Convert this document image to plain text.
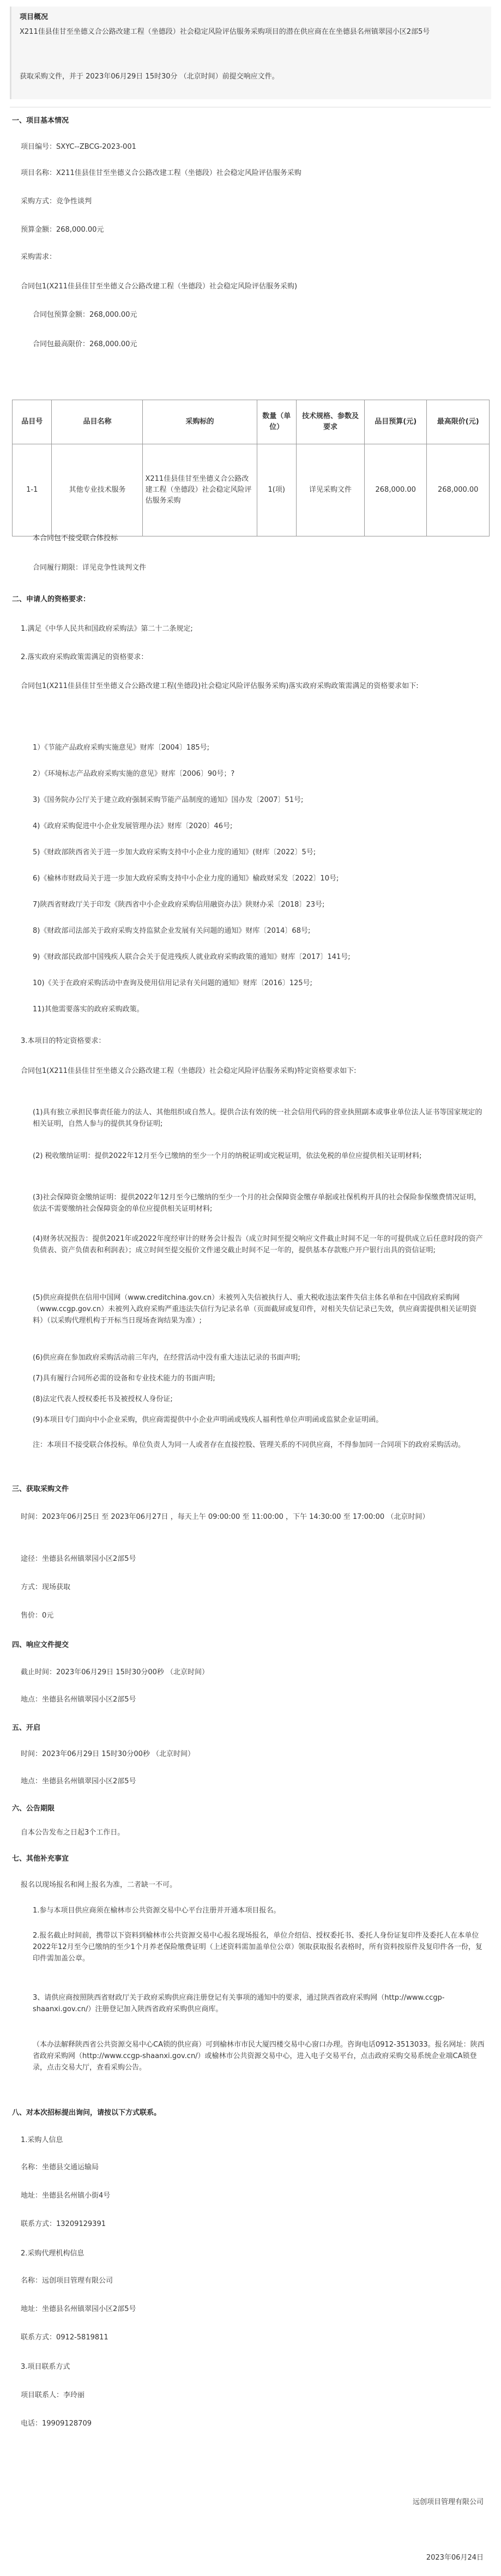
项目概况
X211佳县佳甘至坐德义合公路改建工程（坐德段）社会稳定风险评估服务采购项目的潜在供应商在在坐德县名州镇翠园小区2部5号
获取采购文件，并于 2023年06月29日 15时30分 （北京时间）前提交响应文件。
一、项目基本情况
项目编号：SXYC--ZBCG-2023-001
项目名称：X211佳县佳甘至坐德义合公路改建工程（坐德段）社会稳定风险评估服务采购
采购方式：竞争性谈判
预算金额：268,000.00元
采购需求：
合同包1(X211佳县佳甘至坐德义合公路改建工程（坐德段）社会稳定风险评估服务采购)
合同包预算金额：268,000.00元
合同包最高限价：268,000.00元
品目号	品目名称	采购标的	数量（单位）	技术规格、参数及要求	品目预算(元)	最高限价(元)
1-1	其他专业技术服务	X211佳县佳甘至坐德义合公路改建工程（坐德段）社会稳定风险评估服务采购	1(项)	详见采购文件	268,000.00	268,000.00
本合同包不接受联合体投标
合同履行期限：详见竞争性谈判文件
二、申请人的资格要求：
1.满足《中华人民共和国政府采购法》第二十二条规定;
2.落实政府采购政策需满足的资格要求：
合同包1(X211佳县佳甘至坐德义合公路改建工程(坐德段)社会稳定风险评估服务采购)落实政府采购政策需满足的资格要求如下:
1）《节能产品政府采购实施意见》财库〔2004〕185号;
2）《环境标志产品政府采购实施的意见》财库〔2006〕90号；?
3)《国务院办公厅关于建立政府强制采购节能产品制度的通知》国办发〔2007〕51号;
4)《政府采购促进中小企业发展管理办法》财库〔2020〕46号;
5)《财政部陕西省关于进一步加大政府采购支持中小企业力度的通知》(财库〔2022〕5号;
6)《榆林市财政局关于进一步加大政府采购支持中小企业力度的通知》榆政财采发〔2022〕10号;
7)陕西省财政厅关于印发《陕西省中小企业政府采购信用融资办法》陕财办采〔2018〕23号;
8)《财政部司法部关于政府采购支持监狱企业发展有关问题的通知》财库〔2014〕68号;
9)《财政部民政部中国残疾人联合会关于促进残疾人就业政府采购政策的通知》财库〔2017〕141号;
10)《关于在政府采购活动中查询及使用信用记录有关问题的通知》财库〔2016〕125号;
11)其他需要落实的政府采购政策。
3.本项目的特定资格要求：
合同包1(X211佳县佳甘至坐德义合公路改建工程（坐德段）社会稳定风险评估服务采购)特定资格要求如下:
(1)具有独立承担民事责任能力的法人、其他组织或自然人。提供合法有效的统一社会信用代码的营业执照副本或事业单位法人证书等国家规定的相关证明，自然人参与的提供其身份证明;
(2) 税收缴纳证明：提供2022年12月至今已缴纳的至少一个月的纳税证明或完税证明，依法免税的单位应提供相关证明材料;
(3)社会保障资金缴纳证明：提供2022年12月至今已缴纳的至少一个月的社会保障资金缴存单据或社保机构开具的社会保险参保缴费情况证明，依法不需要缴纳社会保障资金的单位应提供相关证明材料;
(4)财务状况报告：提供2021年或2022年度经审计的财务会计报告（成立时间至提交响应文件截止时间不足一年的可提供成立后任意时段的资产负债表、资产负债表和利润表）；成立时间至提交报价文件递交截止时间不足一年的，提供基本存款账户开户银行出具的资信证明;
(5)供应商提供在信用中国网（www.creditchina.gov.cn）未被列入失信被执行人、重大税收违法案件失信主体名单和在中国政府采购网（www.ccgp.gov.cn）未被列入政府采购严重违法失信行为记录名单（页面截屏或复印件，对相关失信记录已失效，供应商需提供相关证明资料）（以采购代理机构于开标当日现场查询结果为准）;
(6)供应商在参加政府采购活动前三年内，在经营活动中没有重大违法记录的书面声明;
(7)具有履行合同所必需的设备和专业技术能力的书面声明;
(8)法定代表人授权委托书及被授权人身份证;
(9)本项目专门面向中小企业采购，供应商需提供中小企业声明函或残疾人福利性单位声明函或监狱企业证明函。
注：本项目不接受联合体投标。单位负责人为同一人或者存在直接控股、管理关系的不同供应商，不得参加同一合同项下的政府采购活动。
三、获取采购文件
时间：2023年06月25日 至 2023年06月27日 ，每天上午 09:00:00 至 11:00:00 ，下午 14:30:00 至 17:00:00 （北京时间）
途径：坐德县名州镇翠园小区2部5号
方式：现场获取
售价：0元
四、响应文件提交
截止时间：2023年06月29日 15时30分00秒 （北京时间）
地点：坐德县名州镇翠园小区2部5号
五、开启
时间：2023年06月29日 15时30分00秒 （北京时间）
地点：坐德县名州镇翠园小区2部5号
六、公告期限
自本公告发布之日起3个工作日。
七、其他补充事宜
报名以现场报名和网上报名为准，二者缺一不可。
1.参与本项目供应商须在榆林市公共资源交易中心平台注册并开通本项目报名。
2.报名截止时间前，携带以下资料到榆林市公共资源交易中心报名现场报名，单位介绍信、授权委托书、委托人身份证复印件及委托人在本单位2022年12月至今已缴纳的至少1个月养老保险缴费证明（上述资料需加盖单位公章）领取获取报名表格时，所有资料按原件及复印件各一份，复印件需加盖公章。
3、请供应商按照陕西省财政厅关于政府采购供应商注册登记有关事项的通知中的要求，通过陕西省政府采购网（http://www.ccgp-shaanxi.gov.cn/）注册登记加入陕西省政府采购供应商库。
（本办法解释陕西省公共资源交易中心CA锁的供应商）可到榆林市市民大厦四楼交易中心窗口办理。咨询电话0912-3513033。报名网址：陕西省政府采购网（http://www.ccgp-shaanxi.gov.cn/）或榆林市公共资源交易中心，进入电子交易平台，点击政府采购交易系统企业端CA锁登录，点击交易大厅，查看采购公告。
八、对本次招标提出询问，请按以下方式联系。
1.采购人信息
名称：坐德县交通运输局
地址：坐德县名州镇小街4号
联系方式：13209129391
2.采购代理机构信息
名称：远创项目管理有限公司
地址：坐德县名州镇翠园小区2部5号
联系方式：0912-5819811
3.项目联系方式
项目联系人：李玲丽
电话：19909128709
远创项目管理有限公司
2023年06月24日
